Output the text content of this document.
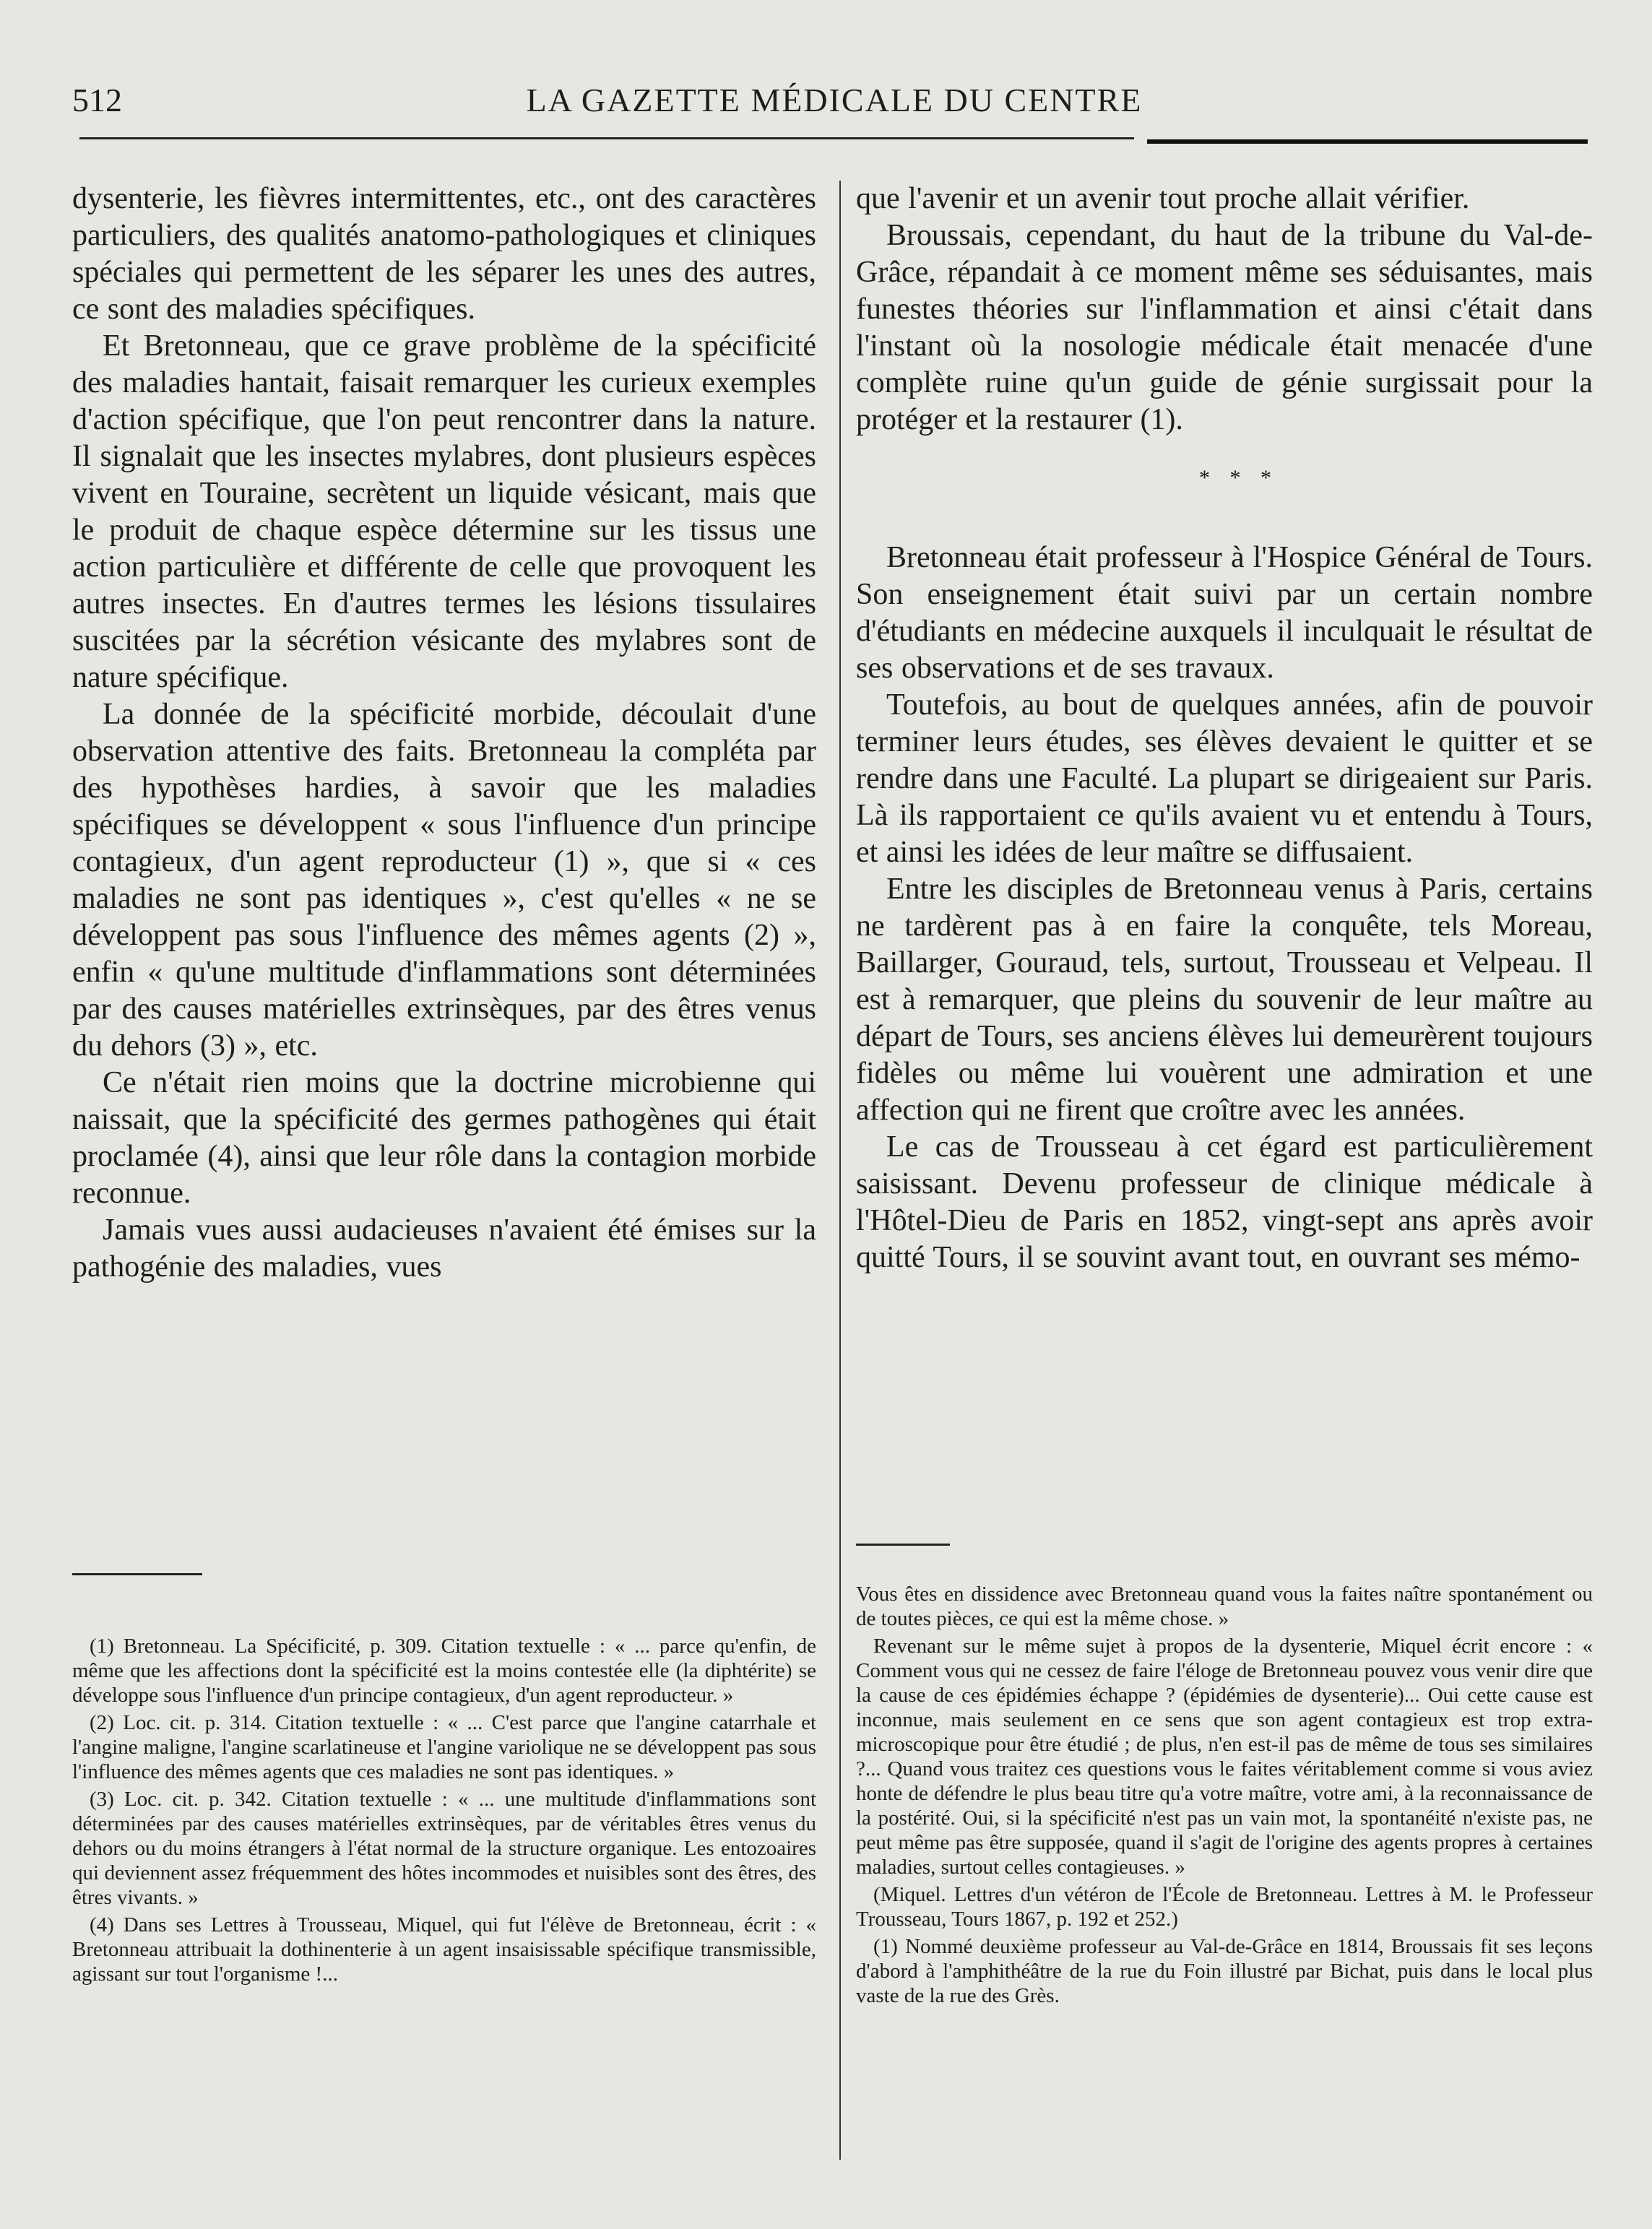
512	LA GAZETTE MÉDICALE DU CENTRE

dysenterie, les fièvres intermittentes, etc., ont des caractères particuliers, des qualités anatomo-pathologiques et cliniques spéciales qui permettent de les séparer les unes des autres, ce sont des maladies spécifiques.

Et Bretonneau, que ce grave problème de la spécificité des maladies hantait, faisait remarquer les curieux exemples d'action spécifique, que l'on peut rencontrer dans la nature. Il signalait que les insectes mylabres, dont plusieurs espèces vivent en Touraine, secrètent un liquide vésicant, mais que le produit de chaque espèce détermine sur les tissus une action particulière et différente de celle que provoquent les autres insectes. En d'autres termes les lésions tissulaires suscitées par la sécrétion vésicante des mylabres sont de nature spécifique.

La donnée de la spécificité morbide, découlait d'une observation attentive des faits. Bretonneau la compléta par des hypothèses hardies, à savoir que les maladies spécifiques se développent « sous l'influence d'un principe contagieux, d'un agent reproducteur (1) », que si « ces maladies ne sont pas identiques », c'est qu'elles « ne se développent pas sous l'influence des mêmes agents (2) », enfin « qu'une multitude d'inflammations sont déterminées par des causes matérielles extrinsèques, par des êtres venus du dehors (3) », etc.

Ce n'était rien moins que la doctrine microbienne qui naissait, que la spécificité des germes pathogènes qui était proclamée (4), ainsi que leur rôle dans la contagion morbide reconnue.

Jamais vues aussi audacieuses n'avaient été émises sur la pathogénie des maladies, vues

que l'avenir et un avenir tout proche allait vérifier.

Broussais, cependant, du haut de la tribune du Val-de-Grâce, répandait à ce moment même ses séduisantes, mais funestes théories sur l'inflammation et ainsi c'était dans l'instant où la nosologie médicale était menacée d'une complète ruine qu'un guide de génie surgissait pour la protéger et la restaurer (1).

* * *

Bretonneau était professeur à l'Hospice Général de Tours. Son enseignement était suivi par un certain nombre d'étudiants en médecine auxquels il inculquait le résultat de ses observations et de ses travaux.

Toutefois, au bout de quelques années, afin de pouvoir terminer leurs études, ses élèves devaient le quitter et se rendre dans une Faculté. La plupart se dirigeaient sur Paris. Là ils rapportaient ce qu'ils avaient vu et entendu à Tours, et ainsi les idées de leur maître se diffusaient.

Entre les disciples de Bretonneau venus à Paris, certains ne tardèrent pas à en faire la conquête, tels Moreau, Baillarger, Gouraud, tels, surtout, Trousseau et Velpeau. Il est à remarquer, que pleins du souvenir de leur maître au départ de Tours, ses anciens élèves lui demeurèrent toujours fidèles ou même lui vouèrent une admiration et une affection qui ne firent que croître avec les années.

Le cas de Trousseau à cet égard est particulièrement saisissant. Devenu professeur de clinique médicale à l'Hôtel-Dieu de Paris en 1852, vingt-sept ans après avoir quitté Tours, il se souvint avant tout, en ouvrant ses mémo-

(1) Bretonneau. La Spécificité, p. 309. Citation textuelle : « ... parce qu'enfin, de même que les affections dont la spécificité est la moins contestée elle (la diphtérite) se développe sous l'influence d'un principe contagieux, d'un agent reproducteur. »

(2) Loc. cit. p. 314. Citation textuelle : « ... C'est parce que l'angine catarrhale et l'angine maligne, l'angine scarlatineuse et l'angine variolique ne se développent pas sous l'influence des mêmes agents que ces maladies ne sont pas identiques. »

(3) Loc. cit. p. 342. Citation textuelle : « ... une multitude d'inflammations sont déterminées par des causes matérielles extrinsèques, par de véritables êtres venus du dehors ou du moins étrangers à l'état normal de la structure organique. Les entozoaires qui deviennent assez fréquemment des hôtes incommodes et nuisibles sont des êtres, des êtres vivants. »

(4) Dans ses Lettres à Trousseau, Miquel, qui fut l'élève de Bretonneau, écrit : « Bretonneau attribuait la dothinenterie à un agent insaisissable spécifique transmissible, agissant sur tout l'organisme !...

Vous êtes en dissidence avec Bretonneau quand vous la faites naître spontanément ou de toutes pièces, ce qui est la même chose. »

Revenant sur le même sujet à propos de la dysenterie, Miquel écrit encore : « Comment vous qui ne cessez de faire l'éloge de Bretonneau pouvez vous venir dire que la cause de ces épidémies échappe ? (épidémies de dysenterie)... Oui cette cause est inconnue, mais seulement en ce sens que son agent contagieux est trop extra-microscopique pour être étudié ; de plus, n'en est-il pas de même de tous ses similaires ?... Quand vous traitez ces questions vous le faites véritablement comme si vous aviez honte de défendre le plus beau titre qu'a votre maître, votre ami, à la reconnaissance de la postérité. Oui, si la spécificité n'est pas un vain mot, la spontanéité n'existe pas, ne peut même pas être supposée, quand il s'agit de l'origine des agents propres à certaines maladies, surtout celles contagieuses. »

(Miquel. Lettres d'un vétéron de l'École de Bretonneau. Lettres à M. le Professeur Trousseau, Tours 1867, p. 192 et 252.)

(1) Nommé deuxième professeur au Val-de-Grâce en 1814, Broussais fit ses leçons d'abord à l'amphithéâtre de la rue du Foin illustré par Bichat, puis dans le local plus vaste de la rue des Grès.
